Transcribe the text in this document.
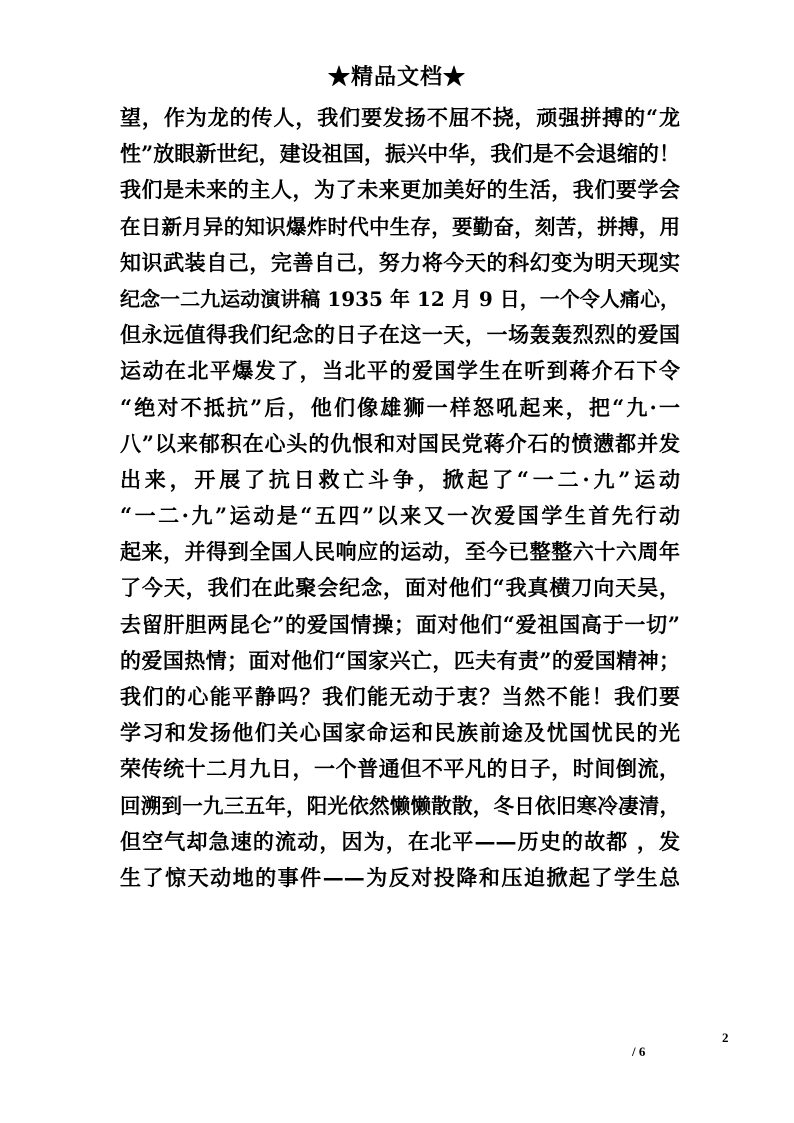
★精品文档★
望，作为龙的传人，我们要发扬不屈不挠，顽强拼搏的“龙
性”放眼新世纪，建设祖国，振兴中华，我们是不会退缩的！
我们是未来的主人，为了未来更加美好的生活，我们要学会
在日新月异的知识爆炸时代中生存，要勤奋，刻苦，拼搏，用
知识武装自己，完善自己，努力将今天的科幻变为明天现实
纪念一二九运动演讲稿 1935 年 12 月 9 日，一个令人痛心，
但永远值得我们纪念的日子在这一天，一场轰轰烈烈的爱国
运动在北平爆发了，当北平的爱国学生在听到蒋介石下令
“绝对不抵抗”后，他们像雄狮一样怒吼起来，把“九·一
八”以来郁积在心头的仇恨和对国民党蒋介石的愤懑都并发
出来，开展了抗日救亡斗争，掀起了“一二·九”运动
“一二·九”运动是“五四”以来又一次爱国学生首先行动
起来，并得到全国人民响应的运动，至今已整整六十六周年
了今天，我们在此聚会纪念，面对他们“我真横刀向天吴，
去留肝胆两昆仑”的爱国情操；面对他们“爱祖国高于一切”
的爱国热情；面对他们“国家兴亡，匹夫有责”的爱国精神；
我们的心能平静吗？我们能无动于衷？当然不能！我们要
学习和发扬他们关心国家命运和民族前途及忧国忧民的光
荣传统十二月九日，一个普通但不平凡的日子，时间倒流，
回溯到一九三五年，阳光依然懒懒散散，冬日依旧寒冷凄清，
但空气却急速的流动，因为，在北平——历史的故都 ，发
生了惊天动地的事件——为反对投降和压迫掀起了学生总
2
/ 6
